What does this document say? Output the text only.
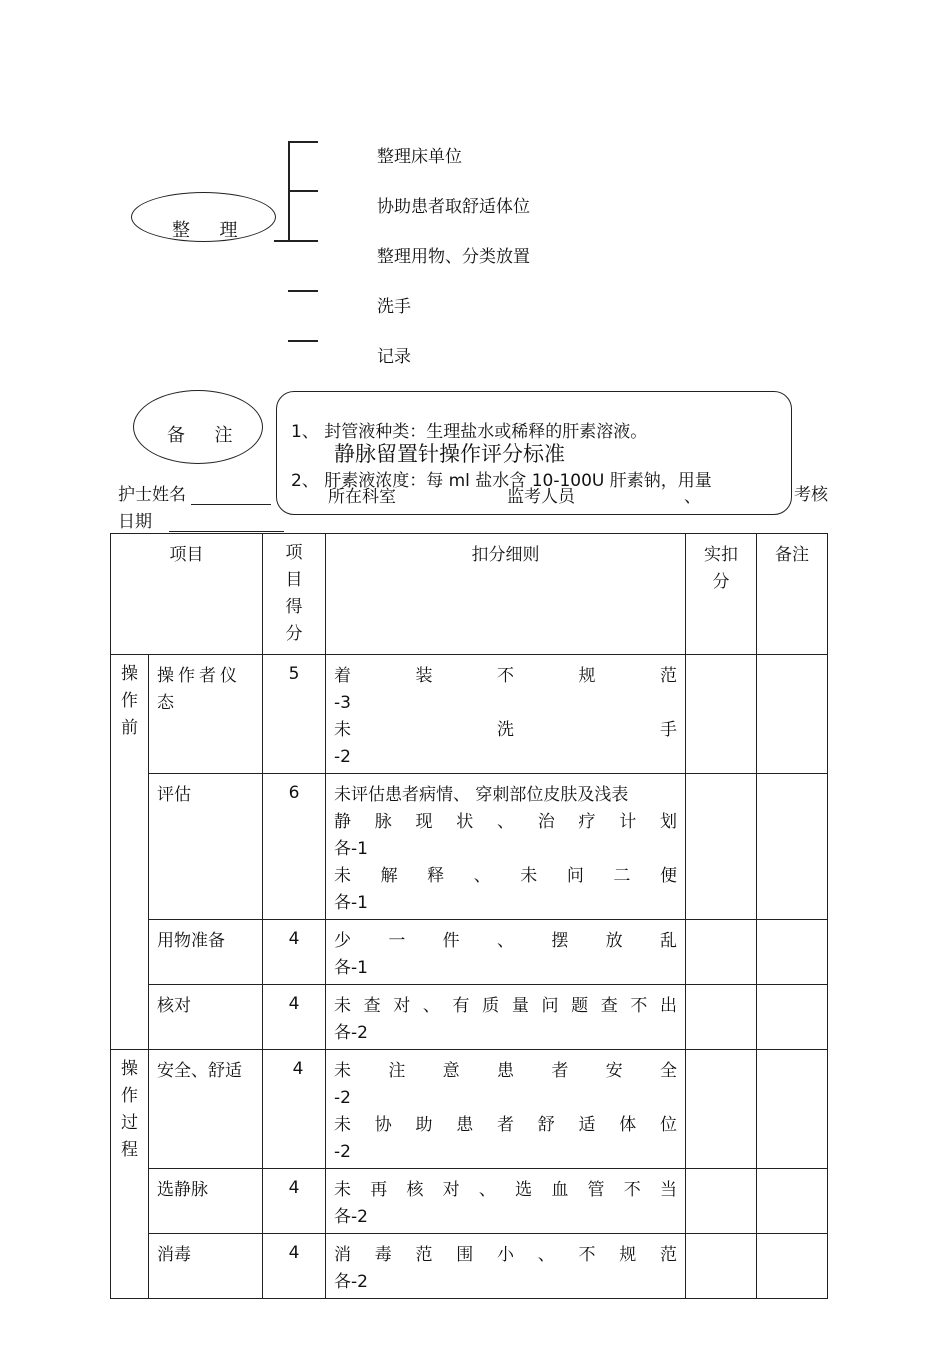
整  理
整理床单位
协助患者取舒适体位
整理用物、分类放置
洗手
记录
护士姓名	考核
日期
备  注	1、 封管液种类：生理盐水或稀释的肝素溶液。
静脉留置针操作评分标准
2、 肝素液浓度：每 ml 盐水含 10-100U 肝素钠，用量
所在科室	监考人员	、
项目		项
目
得
分	扣分细则	实扣
分	备注

操
作
前	操作者仪态	5	着装不规范
-3
未洗手
-2		

	评估	6	未评估患者病情、 穿刺部位皮肤及浅表
静脉现状、治疗计划
各-1
未解释、未问二便
各-1		

	用物准备	4	少一件、摆放乱
各-1		

	核对	4	未查对、有质量问题查不出
各-2		

操
作
过
程	安全、舒适	4	未注意患者安全
-2
未协助患者舒适体位
-2		

	选静脉	4	未再核对、选血管不当
各-2		

	消毒	4	消毒范围小、不规范
各-2		
